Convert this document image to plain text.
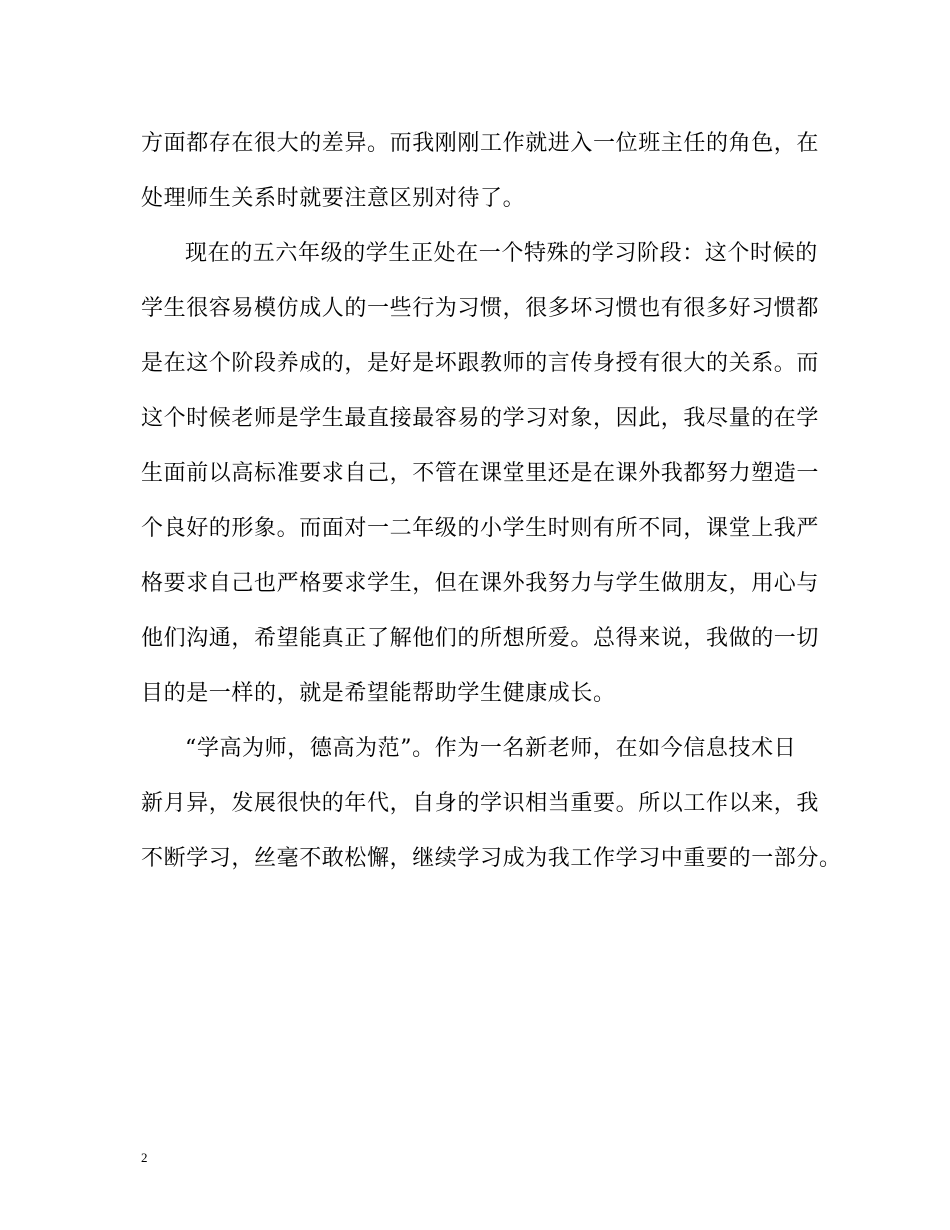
方面都存在很大的差异。而我刚刚工作就进入一位班主任的角色，在
处理师生关系时就要注意区别对待了。
现在的五六年级的学生正处在一个特殊的学习阶段：这个时候的
学生很容易模仿成人的一些行为习惯，很多坏习惯也有很多好习惯都
是在这个阶段养成的，是好是坏跟教师的言传身授有很大的关系。而
这个时候老师是学生最直接最容易的学习对象，因此，我尽量的在学
生面前以高标准要求自己，不管在课堂里还是在课外我都努力塑造一
个良好的形象。而面对一二年级的小学生时则有所不同，课堂上我严
格要求自己也严格要求学生，但在课外我努力与学生做朋友，用心与
他们沟通，希望能真正了解他们的所想所爱。总得来说，我做的一切
目的是一样的，就是希望能帮助学生健康成长。
“学高为师，德高为范”。作为一名新老师，在如今信息技术日
新月异，发展很快的年代，自身的学识相当重要。所以工作以来，我
不断学习，丝毫不敢松懈，继续学习成为我工作学习中重要的一部分。
2
